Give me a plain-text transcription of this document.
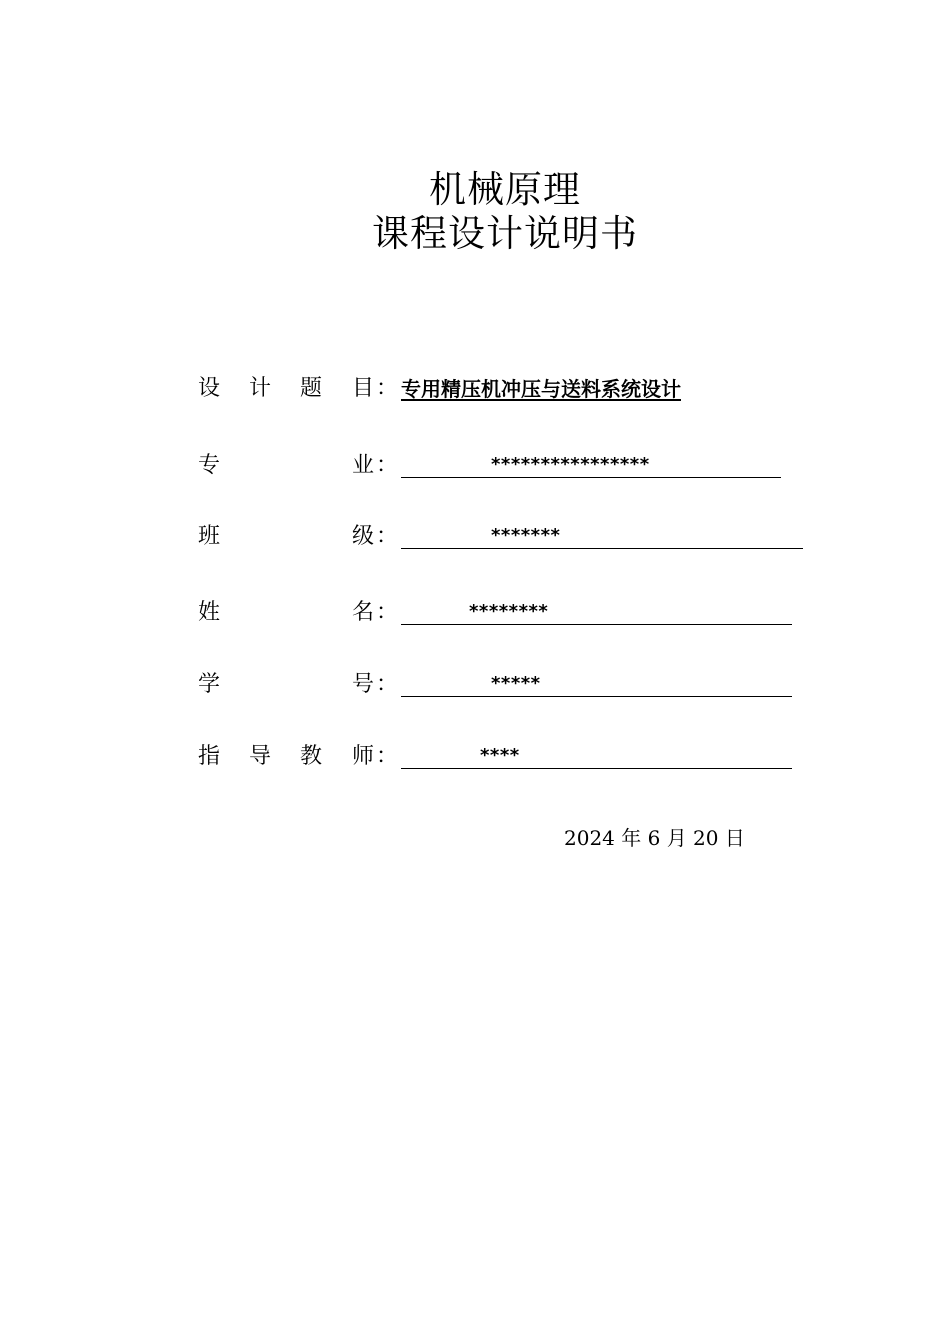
机械原理
课程设计说明书
设 计 题 目 ： 专用精压机冲压与送料系统设计
专	业 ：	****************
班	级 ：	*******
姓	名 ：	********
学	号 ：	*****
指 导 教 师 ：	****
2024 年 6 月 20 日
